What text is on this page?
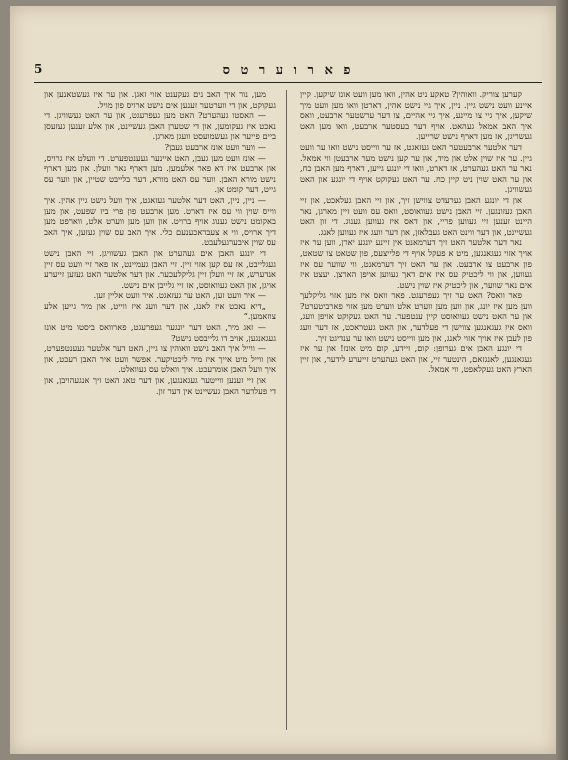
5	פ א ר ו ע ר ט ס

קערען צוריק. וואוהין? טאקע ניט אהין, וואו מען וועט אונז שיקען. קיין איינע וועט נישט גיין. ניין, איך גיי נישט אהין, דארטן וואו מען וועט מיך שיקען, איך גיי צו מיינע, איך גיי אהיים, צו דער ערשטער ארבעט, וואס איך האב אמאל געהאט. אויף דער בעסטער ארבעט, וואו מען האט געשריגן, אז מען דארף נישט שרייען.

דער אלטער ארבעטער האט געזאגט, אז ער ווייסט נישט וואו ער וועט גיין. ער איז שוין אלט און מיד, און ער קען נישט מער ארבעטן ווי אמאל. נאר ער האט געהערט, אז דארט, וואו די יונגע גייען, דארף מען האבן כח, און ער האט שוין ניט קיין כח. ער האט געקוקט אויף די יונגע און האט געשוויגן.

און די יונגע האבן גערעדט צווישן זיך, און זיי האבן געלאכט, און זיי האבן געזונגען. זיי האבן נישט געוואוסט, וואס עס וועט זיין מארגן, נאר היינט זענען זיי געווען פריי, און דאס איז געווען גענוג. די זון האט געשיינט, און דער ווינט האט געבלאזן, און דער וועג איז געווען לאנג.

נאר דער אלטער האט זיך דערמאנט אין זיינע יונגע יארן, ווען ער איז אויך אזוי געגאנגען, מיט א פעקל אויף די פלייצעס, פון שטאט צו שטאט, פון ארבעט צו ארבעט. און ער האט זיך דערמאנט, ווי שווער עס איז געווען, און ווי ליכטיק עס איז אים דאך געווען אויפן הארצן. יעצט איז אים נאר שווער, און ליכטיק איז שוין נישט.

פאר וואס? האט ער זיך געפרעגט. פאר וואס איז מען אזוי גליקלעך ווען מען איז יונג, און ווען מען ווערט אלט ווערט מען אזוי פארביטערט? און ער האט נישט געוואוסט קיין ענטפער. ער האט געקוקט אויפן וועג, וואס איז געגאנגען צווישן די פעלדער, און האט געטראכט, אז דער וועג פון לעבן איז אויך אזוי לאנג, און מען ווייסט נישט וואו ער ענדיגט זיך.

די יונגע האבן אים גערופן: קום, זיידע, קום מיט אונז! און ער איז געגאנגען, לאנגזאם, הינטער זיי, און האט געהערט זייערע לידער, און זיין הארץ האט געקלאפט, ווי אמאל.

מען, נור איך האב נים געקענט אזוי זאגן. און ער איז געשטאנען און געקוקט, און די ווערטער זענען אים נישט ארויס פון מויל.

— האסטו געהערט? האט מען געפרעגט, און ער האט געשוויגן. די נאכט איז געקומען, און די שטערן האבן געשיינט, און אלע זענען געזעסן ביים פייער און געשמועסט וועגן מארגן.

— ווער וועט אונז ארבעט געבן?

— אונז וועט מען געבן, האט איינער געענטפערט. די וועלט איז גרויס, און ארבעט איז דא פאר אלעמען. מען דארף נאר וועלן. און מען דארף נישט מורא האבן. ווער עס האט מורא, דער בלייבט שטיין, און ווער עס גייט, דער קומט אן.

— ניין, ניין, האט דער אלטער געזאגט, איך וועל נישט גיין אהין. איך ווייס שוין ווי עס איז דארט. מען ארבעט פון פרי ביז שפעט, און מען באקומט נישט גענוג אויף ברויט. און ווען מען ווערט אלט, ווארפט מען דיך ארויס, ווי א צעבראכענעם כלי. איך האב עס שוין געזען, איך האב עס שוין איבערגעלעבט.

די יונגע האבן אים געהערט און האבן געשוויגן. זיי האבן נישט געגלייבט, אז עס קען אזוי זיין. זיי האבן געמיינט, אז פאר זיי וועט עס זיין אנדערש, אז זיי וועלן זיין גליקלעכער. און דער אלטער האט געזען זייערע אויגן, און האט געוואוסט, אז זיי גלייבן אים נישט.

— איר וועט זען, האט ער געזאגט. איר וועט אליין זען.

„דיא נאכט איז לאנג, און דער וועג איז ווייט, און מיר גייען אלע צוזאמען.“

— זאג מיר, האט דער יונגער געפרעגט, פארוואס ביסטו מיט אונז געגאנגען, אויב דו גלייבסט נישט?

— ווייל איך האב נישט וואוהין צו גיין, האט דער אלטער געענטפערט, און ווייל מיט אייך איז מיר ליכטיקער. אפשר וועט איר האבן רעכט, און איך וועל האבן אומרעכט. איך וואלט עס געוואלט.

און זיי זענען ווייטער געגאנגען, און דער טאג האט זיך אנגעהויבן, און די פעלדער האבן געשיינט אין דער זון.
